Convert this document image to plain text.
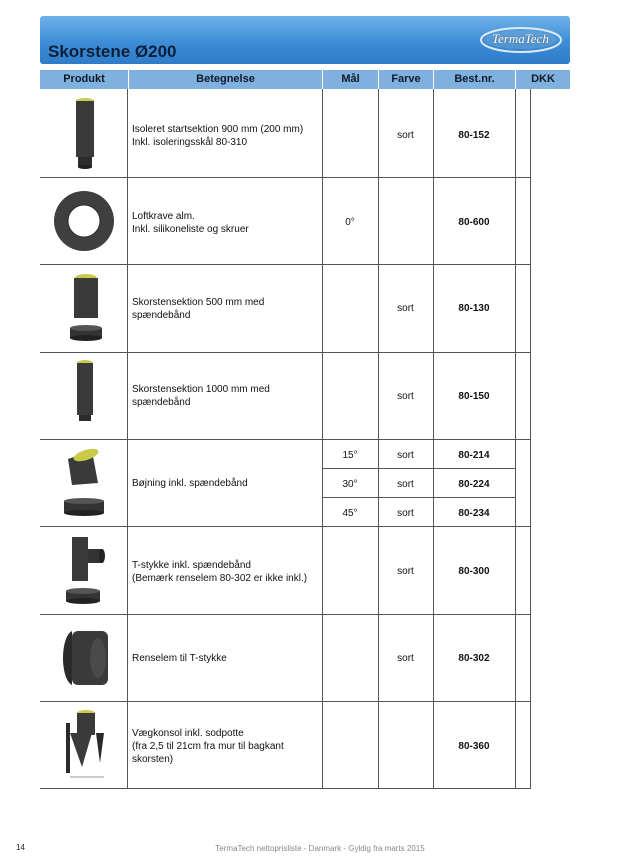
Skorstene Ø200
TermaTech
Produkt	Betegnelse	Mål	Farve	Best.nr.	DKK
Isoleret startsektion 900 mm (200 mm)
Inkl. isoleringsskål 80-310
sort	80-152
Loftkrave alm.
Inkl. silikoneliste og skruer
0°	80-600
Skorstensektion 500 mm med
spændebånd
sort	80-130
Skorstensektion 1000 mm med
spændebånd
sort	80-150
Bøjning inkl. spændebånd
15°	sort	80-214
30°	sort	80-224
45°	sort	80-234
T-stykke inkl. spændebånd
(Bemærk renselem 80-302 er ikke inkl.)
sort	80-300
Renselem til T-stykke	sort	80-302
Vægkonsol inkl. sodpotte
(fra 2,5 til 21cm fra mur til bagkant
skorsten)
80-360
14	TermaTech nettoprisliste - Danmark - Gyldig fra marts 2015
